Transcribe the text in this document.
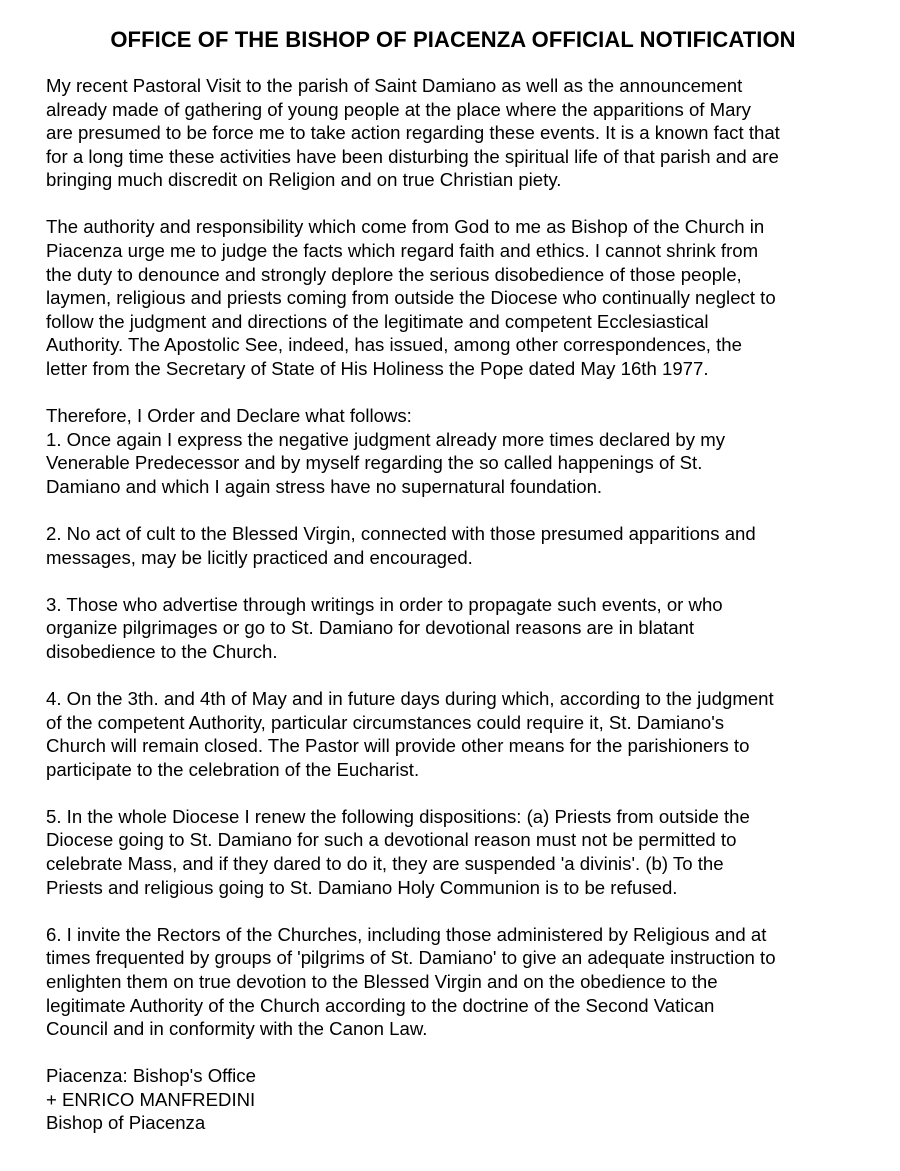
OFFICE OF THE BISHOP OF PIACENZA OFFICIAL NOTIFICATION

My recent Pastoral Visit to the parish of Saint Damiano as well as the announcement
already made of gathering of young people at the place where the apparitions of Mary
are presumed to be force me to take action regarding these events. It is a known fact that
for a long time these activities have been disturbing the spiritual life of that parish and are
bringing much discredit on Religion and on true Christian piety.

The authority and responsibility which come from God to me as Bishop of the Church in
Piacenza urge me to judge the facts which regard faith and ethics. I cannot shrink from
the duty to denounce and strongly deplore the serious disobedience of those people,
laymen, religious and priests coming from outside the Diocese who continually neglect to
follow the judgment and directions of the legitimate and competent Ecclesiastical
Authority. The Apostolic See, indeed, has issued, among other correspondences, the
letter from the Secretary of State of His Holiness the Pope dated May 16th 1977.

Therefore, I Order and Declare what follows:
1. Once again I express the negative judgment already more times declared by my
Venerable Predecessor and by myself regarding the so called happenings of St.
Damiano and which I again stress have no supernatural foundation.

2. No act of cult to the Blessed Virgin, connected with those presumed apparitions and
messages, may be licitly practiced and encouraged.

3. Those who advertise through writings in order to propagate such events, or who
organize pilgrimages or go to St. Damiano for devotional reasons are in blatant
disobedience to the Church.

4. On the 3th. and 4th of May and in future days during which, according to the judgment
of the competent Authority, particular circumstances could require it, St. Damiano's
Church will remain closed. The Pastor will provide other means for the parishioners to
participate to the celebration of the Eucharist.

5. In the whole Diocese I renew the following dispositions: (a) Priests from outside the
Diocese going to St. Damiano for such a devotional reason must not be permitted to
celebrate Mass, and if they dared to do it, they are suspended 'a divinis'. (b) To the
Priests and religious going to St. Damiano Holy Communion is to be refused.

6. I invite the Rectors of the Churches, including those administered by Religious and at
times frequented by groups of 'pilgrims of St. Damiano' to give an adequate instruction to
enlighten them on true devotion to the Blessed Virgin and on the obedience to the
legitimate Authority of the Church according to the doctrine of the Second Vatican
Council and in conformity with the Canon Law.

Piacenza: Bishop's Office
+ ENRICO MANFREDINI
Bishop of Piacenza
